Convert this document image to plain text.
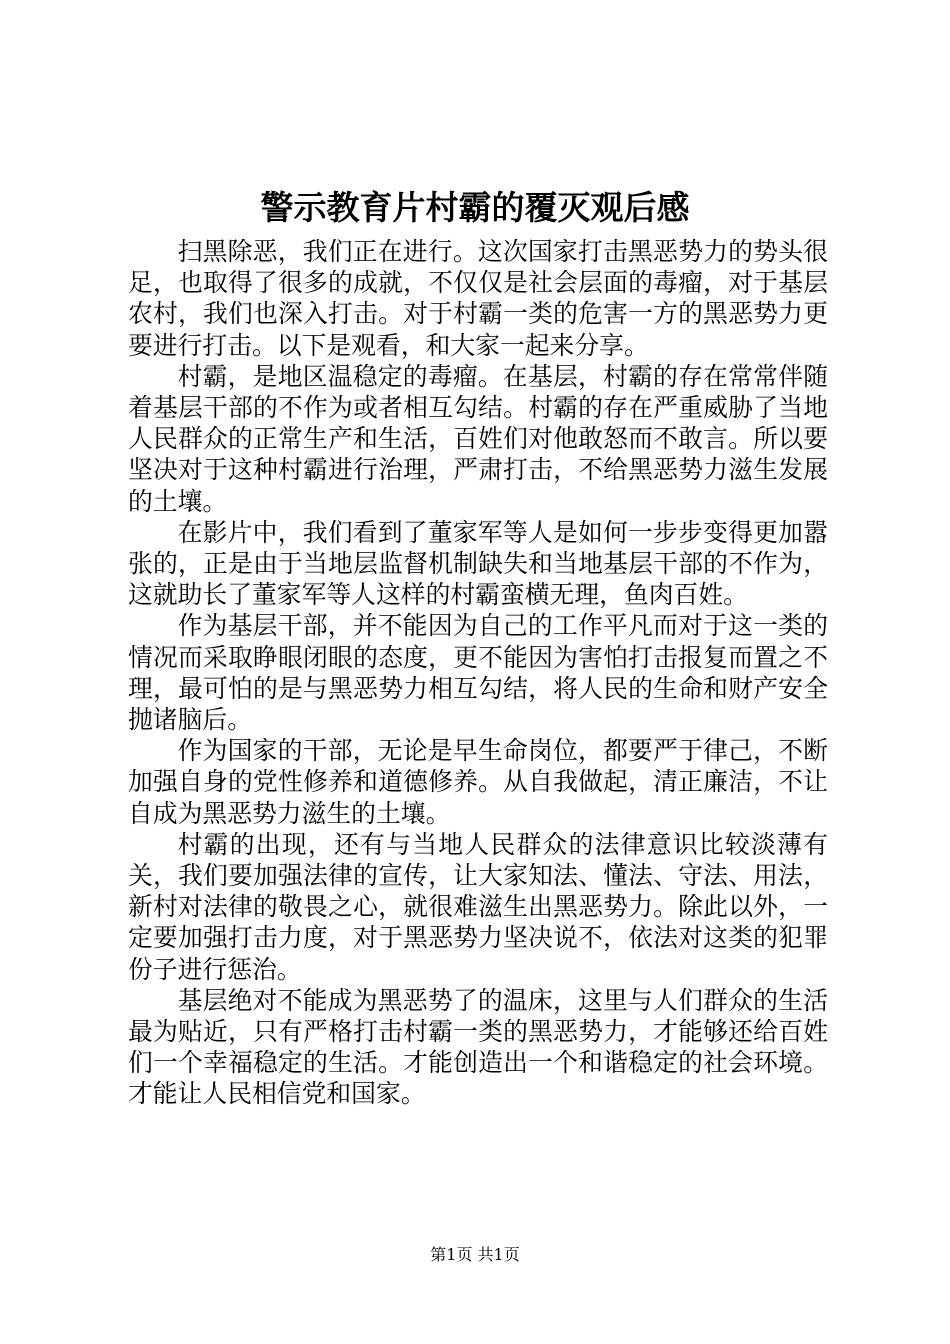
警示教育片村霸的覆灭观后感

扫黑除恶，我们正在进行。这次国家打击黑恶势力的势头很足，也取得了很多的成就，不仅仅是社会层面的毒瘤，对于基层农村，我们也深入打击。对于村霸一类的危害一方的黑恶势力更要进行打击。以下是观看，和大家一起来分享。

村霸，是地区温稳定的毒瘤。在基层，村霸的存在常常伴随着基层干部的不作为或者相互勾结。村霸的存在严重威胁了当地人民群众的正常生产和生活，百姓们对他敢怒而不敢言。所以要坚决对于这种村霸进行治理，严肃打击，不给黑恶势力滋生发展的土壤。

在影片中，我们看到了董家军等人是如何一步步变得更加嚣张的，正是由于当地层监督机制缺失和当地基层干部的不作为，这就助长了董家军等人这样的村霸蛮横无理，鱼肉百姓。

作为基层干部，并不能因为自己的工作平凡而对于这一类的情况而采取睁眼闭眼的态度，更不能因为害怕打击报复而置之不理，最可怕的是与黑恶势力相互勾结，将人民的生命和财产安全抛诸脑后。

作为国家的干部，无论是早生命岗位，都要严于律己，不断加强自身的党性修养和道德修养。从自我做起，清正廉洁，不让自成为黑恶势力滋生的土壤。

村霸的出现，还有与当地人民群众的法律意识比较淡薄有关，我们要加强法律的宣传，让大家知法、懂法、守法、用法，新村对法律的敬畏之心，就很难滋生出黑恶势力。除此以外，一定要加强打击力度，对于黑恶势力坚决说不，依法对这类的犯罪份子进行惩治。

基层绝对不能成为黑恶势了的温床，这里与人们群众的生活最为贴近，只有严格打击村霸一类的黑恶势力，才能够还给百姓们一个幸福稳定的生活。才能创造出一个和谐稳定的社会环境。才能让人民相信党和国家。

第1页 共1页
